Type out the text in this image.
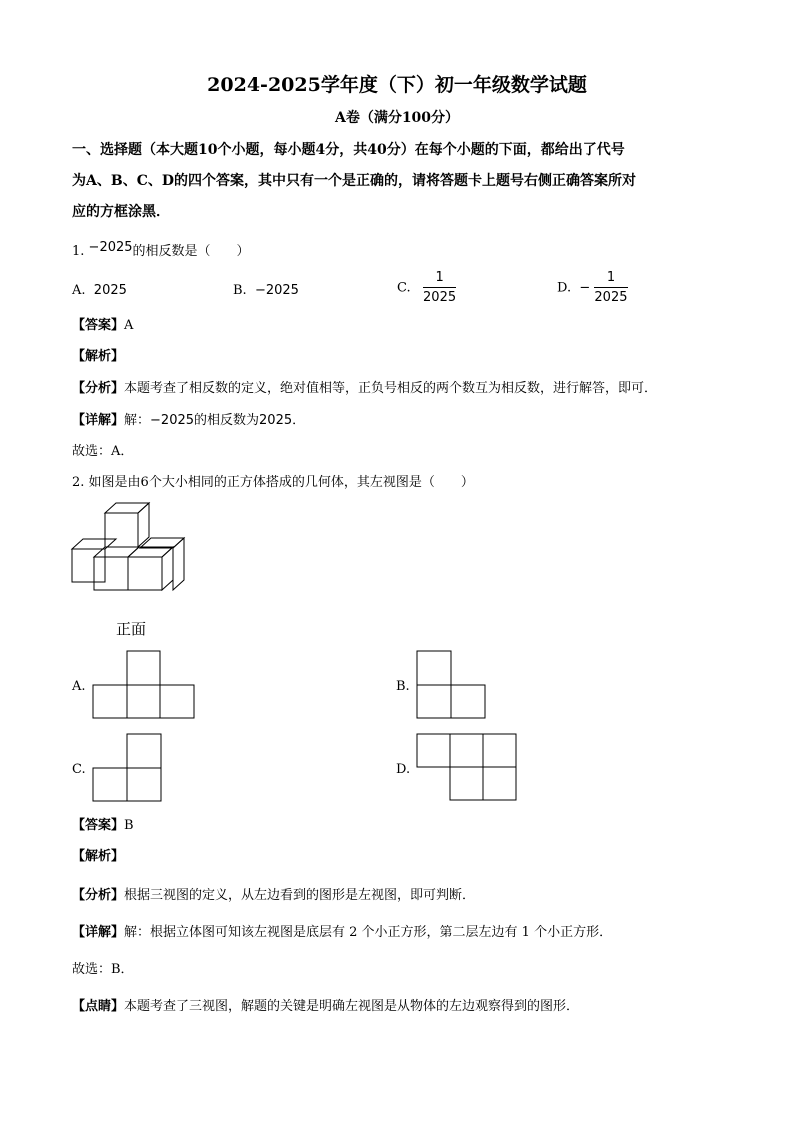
2024-2025学年度（下）初一年级数学试题
A卷（满分100分）
一、选择题（本大题10个小题，每小题4分，共40分）在每个小题的下面，都给出了代号
为A、B、C、D的四个答案，其中只有一个是正确的，请将答题卡上题号右侧正确答案所对
应的方框涂黑．
1. −2025的相反数是（　　）
A. 2025	B. −2025	C. $\frac{1}{2025}$	D. − $\frac{1}{2025}$
【答案】A
【解析】
【分析】本题考查了相反数的定义，绝对值相等，正负号相反的两个数互为相反数，进行解答，即可．
【详解】解：−2025的相反数为2025．
故选：A．
2. 如图是由6个大小相同的正方体搭成的几何体，其左视图是（　　）
正面
A.	B.
C.	D.
【答案】B
【解析】
【分析】根据三视图的定义，从左边看到的图形是左视图，即可判断．
【详解】解：根据立体图可知该左视图是底层有 2 个小正方形，第二层左边有 1 个小正方形．
故选：B．
【点睛】本题考查了三视图，解题的关键是明确左视图是从物体的左边观察得到的图形．
